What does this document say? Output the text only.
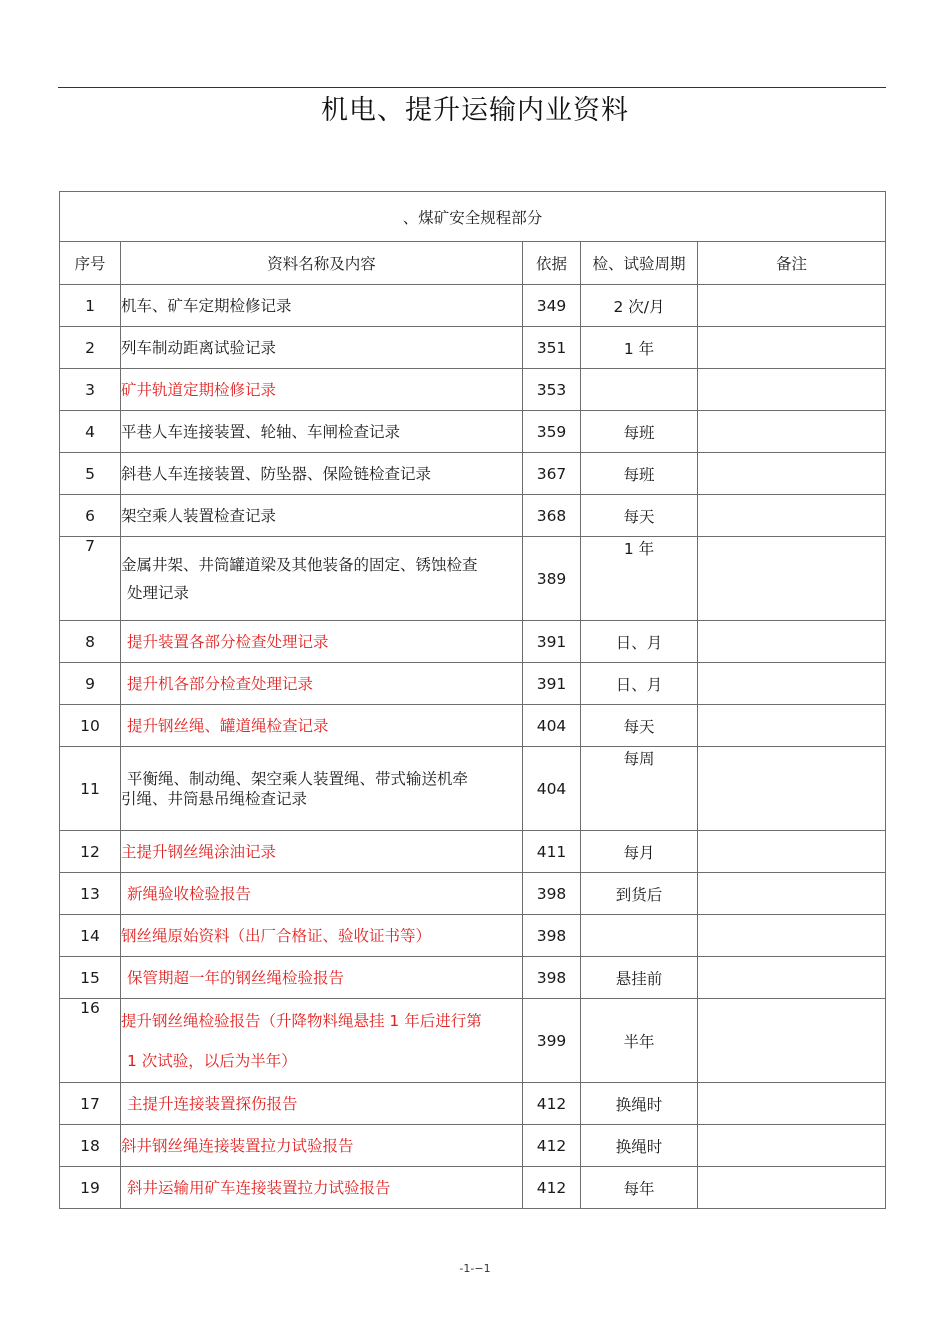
机电、提升运输内业资料
、煤矿安全规程部分				
序号	资料名称及内容	依据	检、试验周期	备注
1	机车、矿车定期检修记录	349	2 次/月	
2	列车制动距离试验记录	351	1 年	
3	矿井轨道定期检修记录	353		
4	平巷人车连接装置、轮轴、车闸检查记录	359	每班	
5	斜巷人车连接装置、防坠器、保险链检查记录	367	每班	
6	架空乘人装置检查记录	368	每天	
7	金属井架、井筒罐道梁及其他装备的固定、锈蚀检查
处理记录	389	1 年	
8	提升装置各部分检查处理记录	391	日、月	
9	提升机各部分检查处理记录	391	日、月	
10	提升钢丝绳、罐道绳检查记录	404	每天	
11	平衡绳、制动绳、架空乘人装置绳、带式输送机牵
引绳、井筒悬吊绳检查记录	404	每周	
12	主提升钢丝绳涂油记录	411	每月	
13	新绳验收检验报告	398	到货后	
14	钢丝绳原始资料（出厂合格证、验收证书等）	398		
15	保管期超一年的钢丝绳检验报告	398	悬挂前	
16	提升钢丝绳检验报告（升降物料绳悬挂 1 年后进行第
1 次试验，以后为半年）	399	半年	
17	主提升连接装置探伤报告	412	换绳时	
18	斜井钢丝绳连接装置拉力试验报告	412	换绳时	
19	斜井运输用矿车连接装置拉力试验报告	412	每年	
-1-−1
